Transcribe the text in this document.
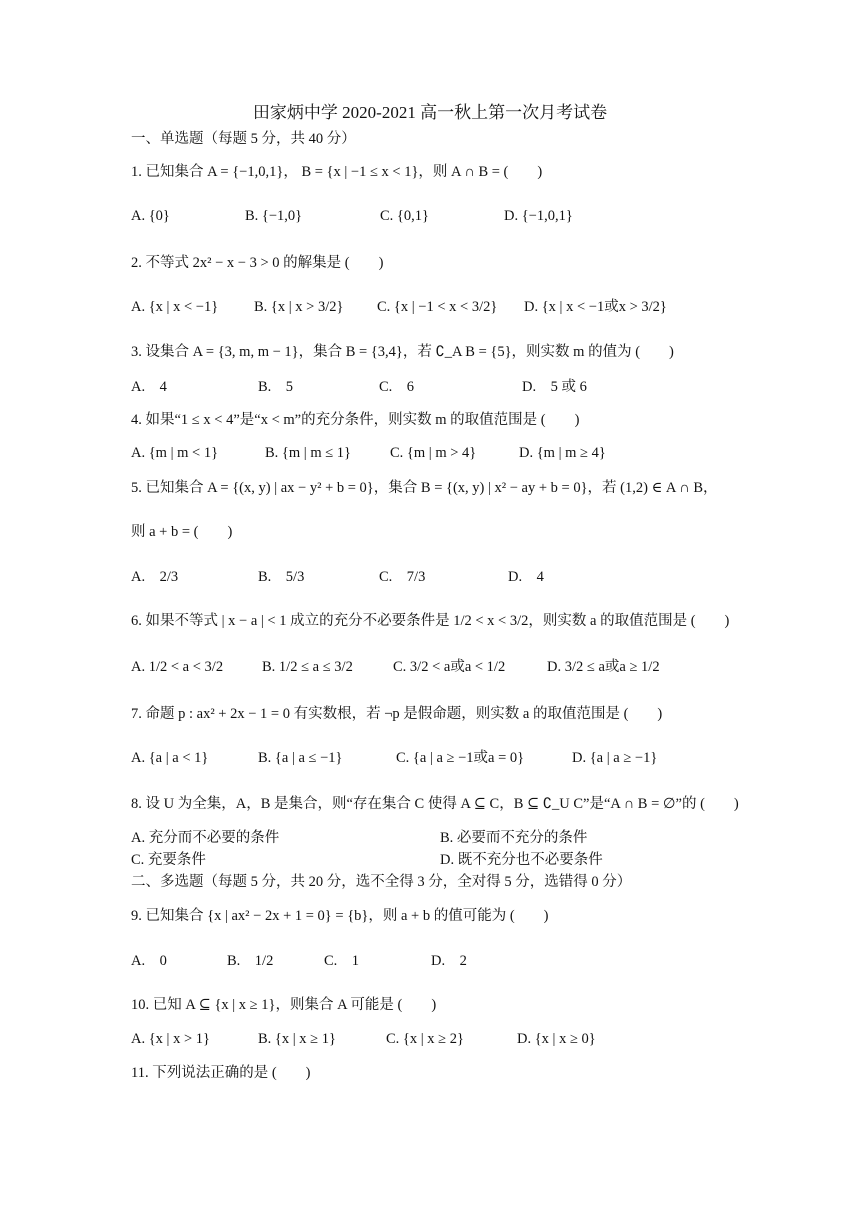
田家炳中学 2020-2021 高一秋上第一次月考试卷
一、单选题（每题 5 分，共 40 分）
1. 已知集合 A = {−1,0,1}， B = {x | −1 ≤ x < 1}，则 A ∩ B = (　　)
A. {0}	B. {−1,0}	C. {0,1}	D. {−1,0,1}
2. 不等式 2x² − x − 3 > 0 的解集是 (　　)
A. {x | x < −1} B. {x | x > 3/2} C. {x | −1 < x < 3/2} D. {x | x < −1或x > 3/2}
3. 设集合 A = {3, m, m − 1}，集合 B = {3,4}，若 ∁_A B = {5}，则实数 m 的值为 (　　)
A.　4	B.　5	C.　6	D.　5 或 6
4. 如果“1 ≤ x < 4”是“x < m”的充分条件，则实数 m 的取值范围是 (　　)
A. {m | m < 1}	B. {m | m ≤ 1}	C. {m | m > 4}	D. {m | m ≥ 4}
5. 已知集合 A = {(x, y) | ax − y² + b = 0}，集合 B = {(x, y) | x² − ay + b = 0}，若 (1,2) ∈ A ∩ B，
则 a + b = (　　)
A.　2/3	B.　5/3	C.　7/3	D.　4
6. 如果不等式 | x − a | < 1 成立的充分不必要条件是 1/2 < x < 3/2，则实数 a 的取值范围是 (　　)
A. 1/2 < a < 3/2	B. 1/2 ≤ a ≤ 3/2	C. 3/2 < a或a < 1/2	D. 3/2 ≤ a或a ≥ 1/2
7. 命题 p : ax² + 2x − 1 = 0 有实数根，若 ¬p 是假命题，则实数 a 的取值范围是 (　　)
A. {a | a < 1}	B. {a | a ≤ −1}	C. {a | a ≥ −1或a = 0}	D. {a | a ≥ −1}
8. 设 U 为全集，A，B 是集合，则“存在集合 C 使得 A ⊆ C，B ⊆ ∁_U C”是“A ∩ B = ∅”的 (　　)
A. 充分而不必要的条件	B. 必要而不充分的条件
C. 充要条件	D. 既不充分也不必要条件
二、多选题（每题 5 分，共 20 分，选不全得 3 分，全对得 5 分，选错得 0 分）
9. 已知集合 {x | ax² − 2x + 1 = 0} = {b}，则 a + b 的值可能为 (　　)
A.　0	B.　1/2	C.　1	D.　2
10. 已知 A ⊆ {x | x ≥ 1}，则集合 A 可能是 (　　)
A. {x | x > 1}	B. {x | x ≥ 1}	C. {x | x ≥ 2}	D. {x | x ≥ 0}
11. 下列说法正确的是 (　　)
